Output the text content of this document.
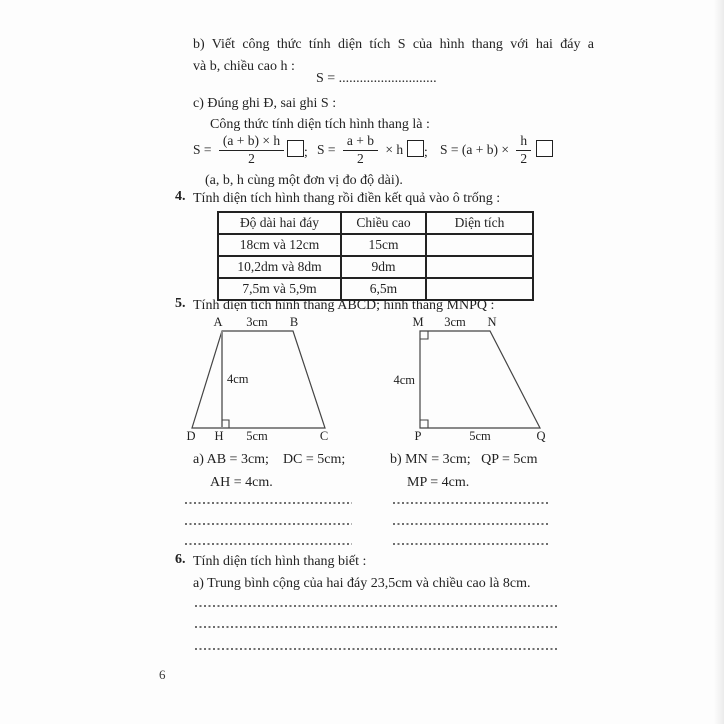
b) Viết công thức tính diện tích S của hình thang với hai đáy a
và b, chiều cao h :
S = ............................
c) Đúng ghi Đ, sai ghi S :
Công thức tính diện tích hình thang là :
$S = \frac{(a + b) \times h}{2}$ ; $S = \frac{a + b}{2} \times h$ ; $S = (a + b) \times \frac{h}{2}$
(a, b, h cùng một đơn vị đo độ dài).
4. Tính diện tích hình thang rồi điền kết quả vào ô trống :
Độ dài hai đáy	Chiều cao	Diện tích
18cm và 12cm	15cm
10,2dm và 8dm	9dm
7,5m và 5,9m	6,5m
5. Tính diện tích hình thang ABCD; hình thang MNPQ :
A 3cm B
4cm
D H 5cm	C
M 3cm N
4cm
P	5cm	Q
a) AB = 3cm;    DC = 5cm;
AH = 4cm.
b) MN = 3cm;   QP = 5cm
MP = 4cm.
6. Tính diện tích hình thang biết :
a) Trung bình cộng của hai đáy 23,5cm và chiều cao là 8cm.
6
